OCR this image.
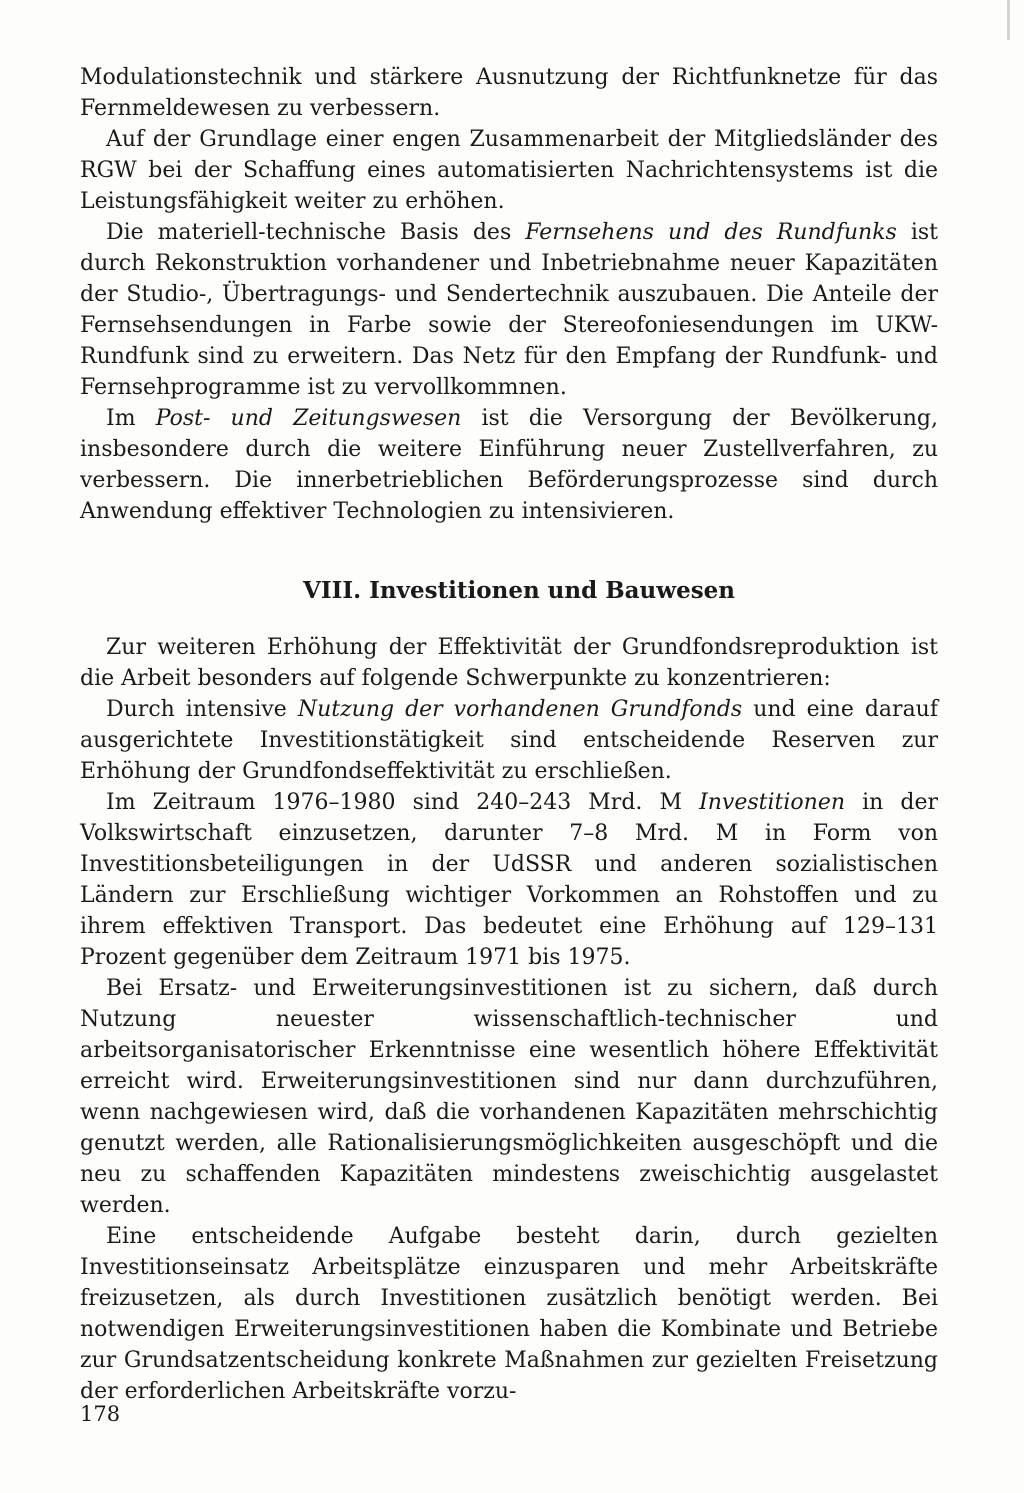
Modulationstechnik und stärkere Ausnutzung der Richtfunknetze für das Fernmeldewesen zu verbessern.

Auf der Grundlage einer engen Zusammenarbeit der Mitgliedsländer des RGW bei der Schaffung eines automatisierten Nachrichtensystems ist die Leistungsfähigkeit weiter zu erhöhen.

Die materiell-technische Basis des Fernsehens und des Rundfunks ist durch Rekonstruktion vorhandener und Inbetriebnahme neuer Kapazitäten der Studio-, Übertragungs- und Sendertechnik auszubauen. Die Anteile der Fernsehsendungen in Farbe sowie der Stereofoniesendungen im UKW-Rundfunk sind zu erweitern. Das Netz für den Empfang der Rundfunk- und Fernsehprogramme ist zu vervollkommnen.

Im Post- und Zeitungswesen ist die Versorgung der Bevölkerung, insbesondere durch die weitere Einführung neuer Zustellverfahren, zu verbessern. Die innerbetrieblichen Beförderungsprozesse sind durch Anwendung effektiver Technologien zu intensivieren.

VIII. Investitionen und Bauwesen

Zur weiteren Erhöhung der Effektivität der Grundfondsreproduktion ist die Arbeit besonders auf folgende Schwerpunkte zu konzentrieren:

Durch intensive Nutzung der vorhandenen Grundfonds und eine darauf ausgerichtete Investitionstätigkeit sind entscheidende Reserven zur Erhöhung der Grundfondseffektivität zu erschließen.

Im Zeitraum 1976–1980 sind 240–243 Mrd. M Investitionen in der Volkswirtschaft einzusetzen, darunter 7–8 Mrd. M in Form von Investitionsbeteiligungen in der UdSSR und anderen sozialistischen Ländern zur Erschließung wichtiger Vorkommen an Rohstoffen und zu ihrem effektiven Transport. Das bedeutet eine Erhöhung auf 129–131 Prozent gegenüber dem Zeitraum 1971 bis 1975.

Bei Ersatz- und Erweiterungsinvestitionen ist zu sichern, daß durch Nutzung neuester wissenschaftlich-technischer und arbeitsorganisatorischer Erkenntnisse eine wesentlich höhere Effektivität erreicht wird. Erweiterungsinvestitionen sind nur dann durchzuführen, wenn nachgewiesen wird, daß die vorhandenen Kapazitäten mehrschichtig genutzt werden, alle Rationalisierungsmöglichkeiten ausgeschöpft und die neu zu schaffenden Kapazitäten mindestens zweischichtig ausgelastet werden.

Eine entscheidende Aufgabe besteht darin, durch gezielten Investitionseinsatz Arbeitsplätze einzusparen und mehr Arbeitskräfte freizusetzen, als durch Investitionen zusätzlich benötigt werden. Bei notwendigen Erweiterungsinvestitionen haben die Kombinate und Betriebe zur Grundsatzentscheidung konkrete Maßnahmen zur gezielten Freisetzung der erforderlichen Arbeitskräfte vorzu-

178
